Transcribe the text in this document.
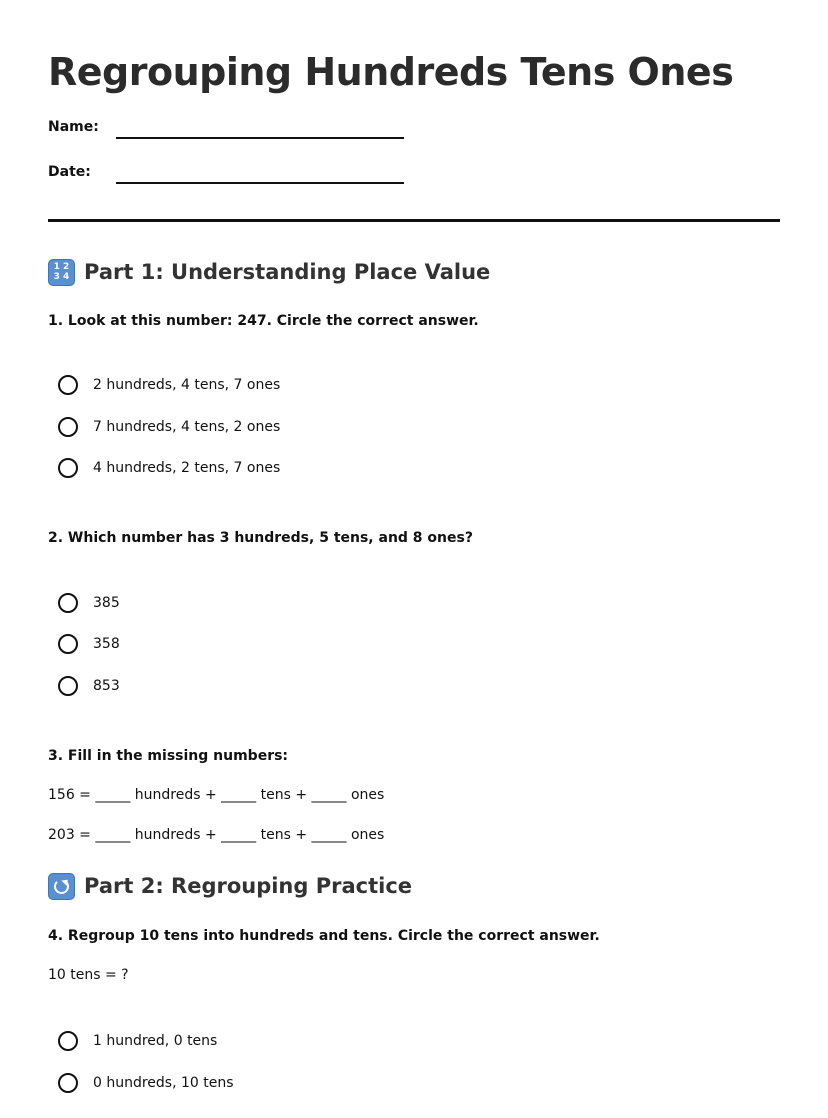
Regrouping Hundreds Tens Ones
Name:
Date:
1 2
3 4 Part 1: Understanding Place Value

1. Look at this number: 247. Circle the correct answer.

2 hundreds, 4 tens, 7 ones
7 hundreds, 4 tens, 2 ones
4 hundreds, 2 tens, 7 ones

2. Which number has 3 hundreds, 5 tens, and 8 ones?

385
358
853

3. Fill in the missing numbers:

156 = _____ hundreds + _____ tens + _____ ones
203 = _____ hundreds + _____ tens + _____ ones
Part 2: Regrouping Practice

4. Regroup 10 tens into hundreds and tens. Circle the correct answer.

10 tens = ?
1 hundred, 0 tens
0 hundreds, 10 tens
